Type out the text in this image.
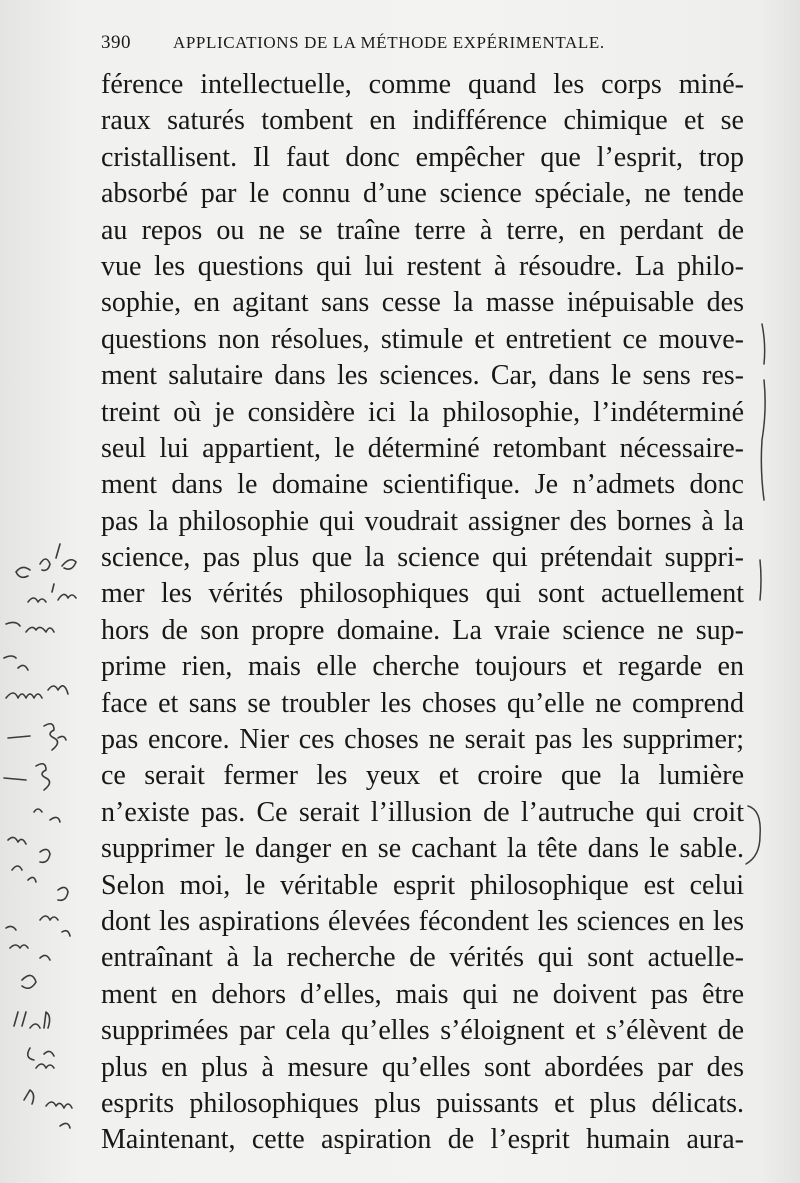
390 APPLICATIONS DE LA MÉTHODE EXPÉRIMENTALE.
férence intellectuelle, comme quand les corps miné-
raux saturés tombent en indifférence chimique et se
cristallisent. Il faut donc empêcher que l’esprit, trop
absorbé par le connu d’une science spéciale, ne tende
au repos ou ne se traîne terre à terre, en perdant de
vue les questions qui lui restent à résoudre. La philo-
sophie, en agitant sans cesse la masse inépuisable des
questions non résolues, stimule et entretient ce mouve-
ment salutaire dans les sciences. Car, dans le sens res-
treint où je considère ici la philosophie, l’indéterminé
seul lui appartient, le déterminé retombant nécessaire-
ment dans le domaine scientifique. Je n’admets donc
pas la philosophie qui voudrait assigner des bornes à la
science, pas plus que la science qui prétendait suppri-
mer les vérités philosophiques qui sont actuellement
hors de son propre domaine. La vraie science ne sup-
prime rien, mais elle cherche toujours et regarde en
face et sans se troubler les choses qu’elle ne comprend
pas encore. Nier ces choses ne serait pas les supprimer;
ce serait fermer les yeux et croire que la lumière
n’existe pas. Ce serait l’illusion de l’autruche qui croit
supprimer le danger en se cachant la tête dans le sable.
Selon moi, le véritable esprit philosophique est celui
dont les aspirations élevées fécondent les sciences en les
entraînant à la recherche de vérités qui sont actuelle-
ment en dehors d’elles, mais qui ne doivent pas être
supprimées par cela qu’elles s’éloignent et s’élèvent de
plus en plus à mesure qu’elles sont abordées par des
esprits philosophiques plus puissants et plus délicats.
Maintenant, cette aspiration de l’esprit humain aura-
